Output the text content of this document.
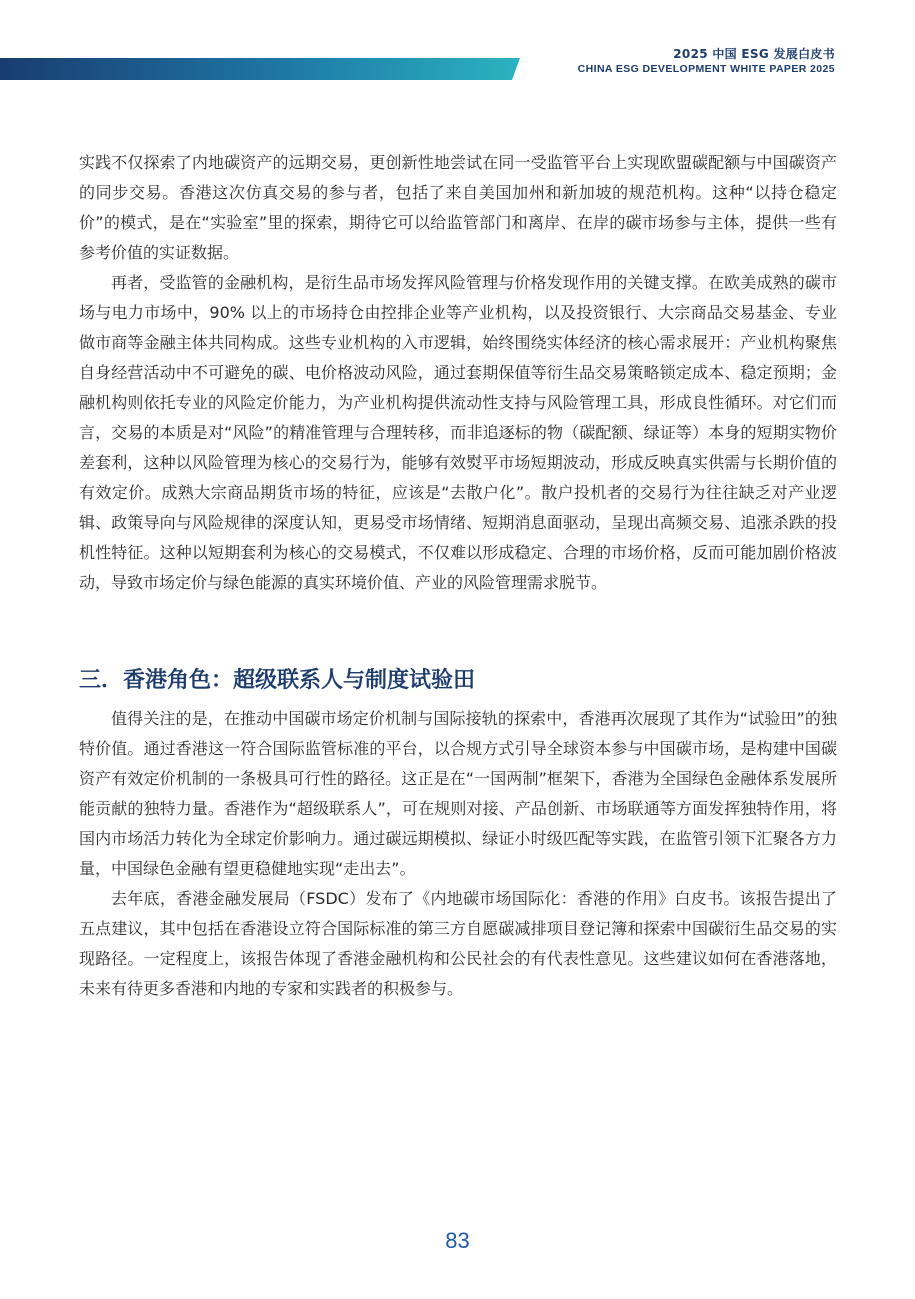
2025 中国 ESG 发展白皮书
CHINA ESG DEVELOPMENT WHITE PAPER 2025

实践不仅探索了内地碳资产的远期交易，更创新性地尝试在同一受监管平台上实现欧盟碳配额与中国碳资产的同步交易。香港这次仿真交易的参与者，包括了来自美国加州和新加坡的规范机构。这种“以持仓稳定价”的模式，是在“实验室”里的探索，期待它可以给监管部门和离岸、在岸的碳市场参与主体，提供一些有参考价值的实证数据。

再者，受监管的金融机构，是衍生品市场发挥风险管理与价格发现作用的关键支撑。在欧美成熟的碳市场与电力市场中，90% 以上的市场持仓由控排企业等产业机构，以及投资银行、大宗商品交易基金、专业做市商等金融主体共同构成。这些专业机构的入市逻辑，始终围绕实体经济的核心需求展开：产业机构聚焦自身经营活动中不可避免的碳、电价格波动风险，通过套期保值等衍生品交易策略锁定成本、稳定预期；金融机构则依托专业的风险定价能力，为产业机构提供流动性支持与风险管理工具，形成良性循环。对它们而言，交易的本质是对“风险”的精准管理与合理转移，而非追逐标的物（碳配额、绿证等）本身的短期实物价差套利，这种以风险管理为核心的交易行为，能够有效熨平市场短期波动，形成反映真实供需与长期价值的有效定价。成熟大宗商品期货市场的特征，应该是“去散户化”。散户投机者的交易行为往往缺乏对产业逻辑、政策导向与风险规律的深度认知，更易受市场情绪、短期消息面驱动，呈现出高频交易、追涨杀跌的投机性特征。这种以短期套利为核心的交易模式，不仅难以形成稳定、合理的市场价格，反而可能加剧价格波动，导致市场定价与绿色能源的真实环境价值、产业的风险管理需求脱节。

三．香港角色：超级联系人与制度试验田

值得关注的是，在推动中国碳市场定价机制与国际接轨的探索中，香港再次展现了其作为“试验田”的独特价值。通过香港这一符合国际监管标准的平台，以合规方式引导全球资本参与中国碳市场，是构建中国碳资产有效定价机制的一条极具可行性的路径。这正是在“一国两制”框架下，香港为全国绿色金融体系发展所能贡献的独特力量。香港作为“超级联系人”，可在规则对接、产品创新、市场联通等方面发挥独特作用，将国内市场活力转化为全球定价影响力。通过碳远期模拟、绿证小时级匹配等实践，在监管引领下汇聚各方力量，中国绿色金融有望更稳健地实现“走出去”。

去年底，香港金融发展局（FSDC）发布了《内地碳市场国际化：香港的作用》白皮书。该报告提出了五点建议，其中包括在香港设立符合国际标准的第三方自愿碳减排项目登记簿和探索中国碳衍生品交易的实现路径。一定程度上，该报告体现了香港金融机构和公民社会的有代表性意见。这些建议如何在香港落地，未来有待更多香港和内地的专家和实践者的积极参与。

83
